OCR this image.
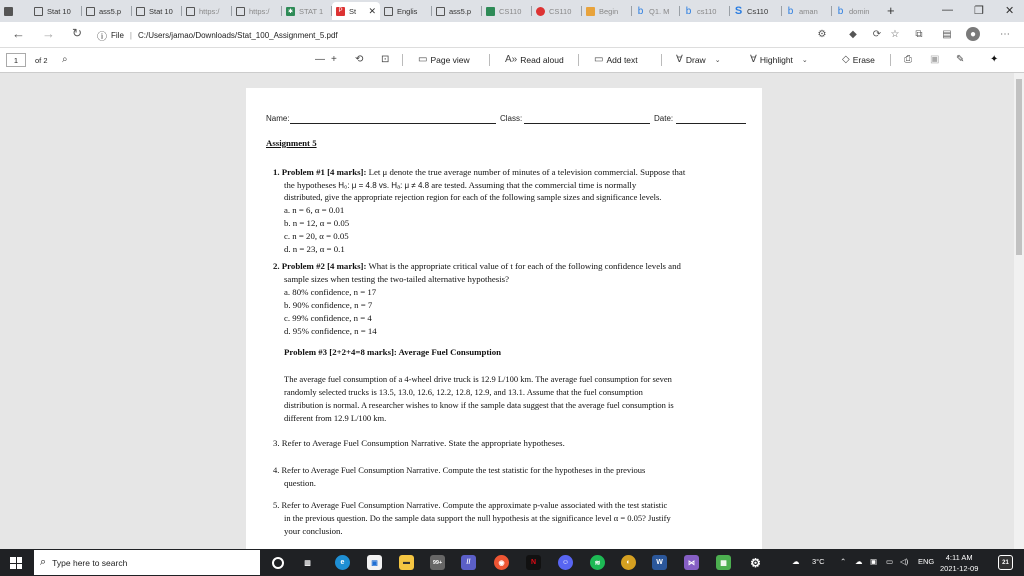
Stat 10	ass5.p	Stat 10	https:/	https:/	✱ STAT 1	P St ✕	Englis	ass5.p	CS110	CS110	Begin b Q1. M b cs110 S Cs110 b aman b domin +	— ❐ ✕
← → ↻ ⓘ File | C:/Users/jamao/Downloads/Stat_100_Assignment_5.pdf	⚙	◆	⟳ ☆	⧉	▤	●	⋯
1	of 2 ⌕	— + ⟲ ⊡	▭ Page view	A» Read aloud	▭ Add text	∀ Draw ⌄	∀ Highlight ⌄	◇ Erase	⎙ ▣ ✎	✦
Name:	Class:	Date:
Assignment 5
1. Problem #1 [4 marks]: Let μ denote the true average number of minutes of a television commercial. Suppose that
the hypotheses H₀: μ = 4.8 vs. Hₐ: μ ≠ 4.8 are tested. Assuming that the commercial time is normally
distributed, give the appropriate rejection region for each of the following sample sizes and significance levels.
a. n = 6, α = 0.01
b. n = 12, α = 0.05
c. n = 20, α = 0.05
d. n = 23, α = 0.1
2. Problem #2 [4 marks]: What is the appropriate critical value of t for each of the following confidence levels and
sample sizes when testing the two-tailed alternative hypothesis?
a. 80% confidence, n = 17
b. 90% confidence, n = 7
c. 99% confidence, n = 4
d. 95% confidence, n = 14
Problem #3 [2+2+4=8 marks]: Average Fuel Consumption
The average fuel consumption of a 4-wheel drive truck is 12.9 L/100 km. The average fuel consumption for seven
randomly selected trucks is 13.5, 13.0, 12.6, 12.2, 12.8, 12.9, and 13.1. Assume that the fuel consumption
distribution is normal. A researcher wishes to know if the sample data suggest that the average fuel consumption is
different from 12.9 L/100 km.
3. Refer to Average Fuel Consumption Narrative. State the appropriate hypotheses.
4. Refer to Average Fuel Consumption Narrative. Compute the test statistic for the hypotheses in the previous
question.
5. Refer to Average Fuel Consumption Narrative. Compute the approximate p-value associated with the test statistic
in the previous question. Do the sample data support the null hypothesis at the significance level α = 0.05? Justify
your conclusion.
⌕ Type here to search	▥	e	▣	▬	99+	//	◉	N	☺	≋	◐	W	⋈	▦	⚙	☁ 3°C ⌃ ☁ ▣ ▭ ◁) ENG	4:11 AM
2021-12-09
21
